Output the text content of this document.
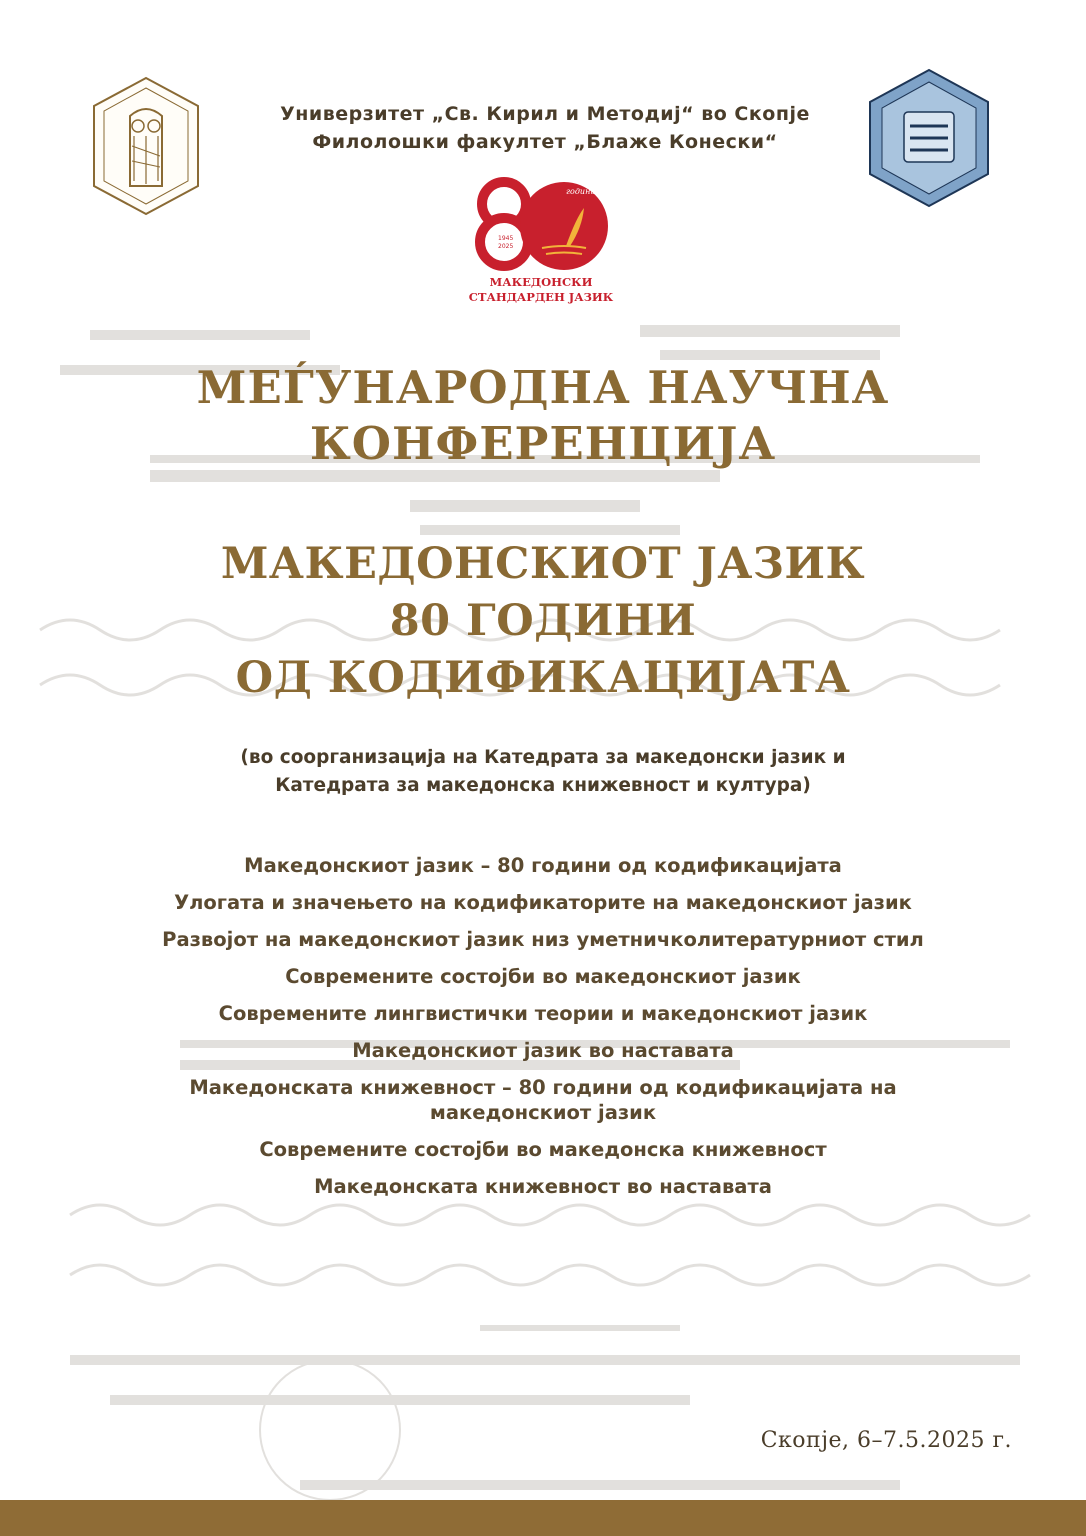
Универзитет „Св. Кирил и Методиј“ во Скопје
Филолошки факултет „Блаже Конески“
1945
2025
години
МАКЕДОНСКИ
СТАНДАРДЕН ЈАЗИК
МЕЃУНАРОДНА НАУЧНА
КОНФЕРЕНЦИЈА
МАКЕДОНСКИОТ ЈАЗИК
80 ГОДИНИ
ОД КОДИФИКАЦИЈАТА
(во соорганизација на Катедрата за македонски јазик и
Катедрата за македонска книжевност и култура)
Македонскиот јазик – 80 години од кодификацијата
Улогата и значењето на кодификаторите на македонскиот јазик
Развојот на македонскиот јазик низ уметничколитературниот стил
Современите состојби во македонскиот јазик
Современите лингвистички теории и македонскиот јазик
Македонскиот јазик во наставата
Македонската книжевност – 80 години од кодификацијата на македонскиот јазик
Современите состојби во македонска книжевност
Македонската книжевност во наставата
Скопје, 6–7.5.2025 г.
